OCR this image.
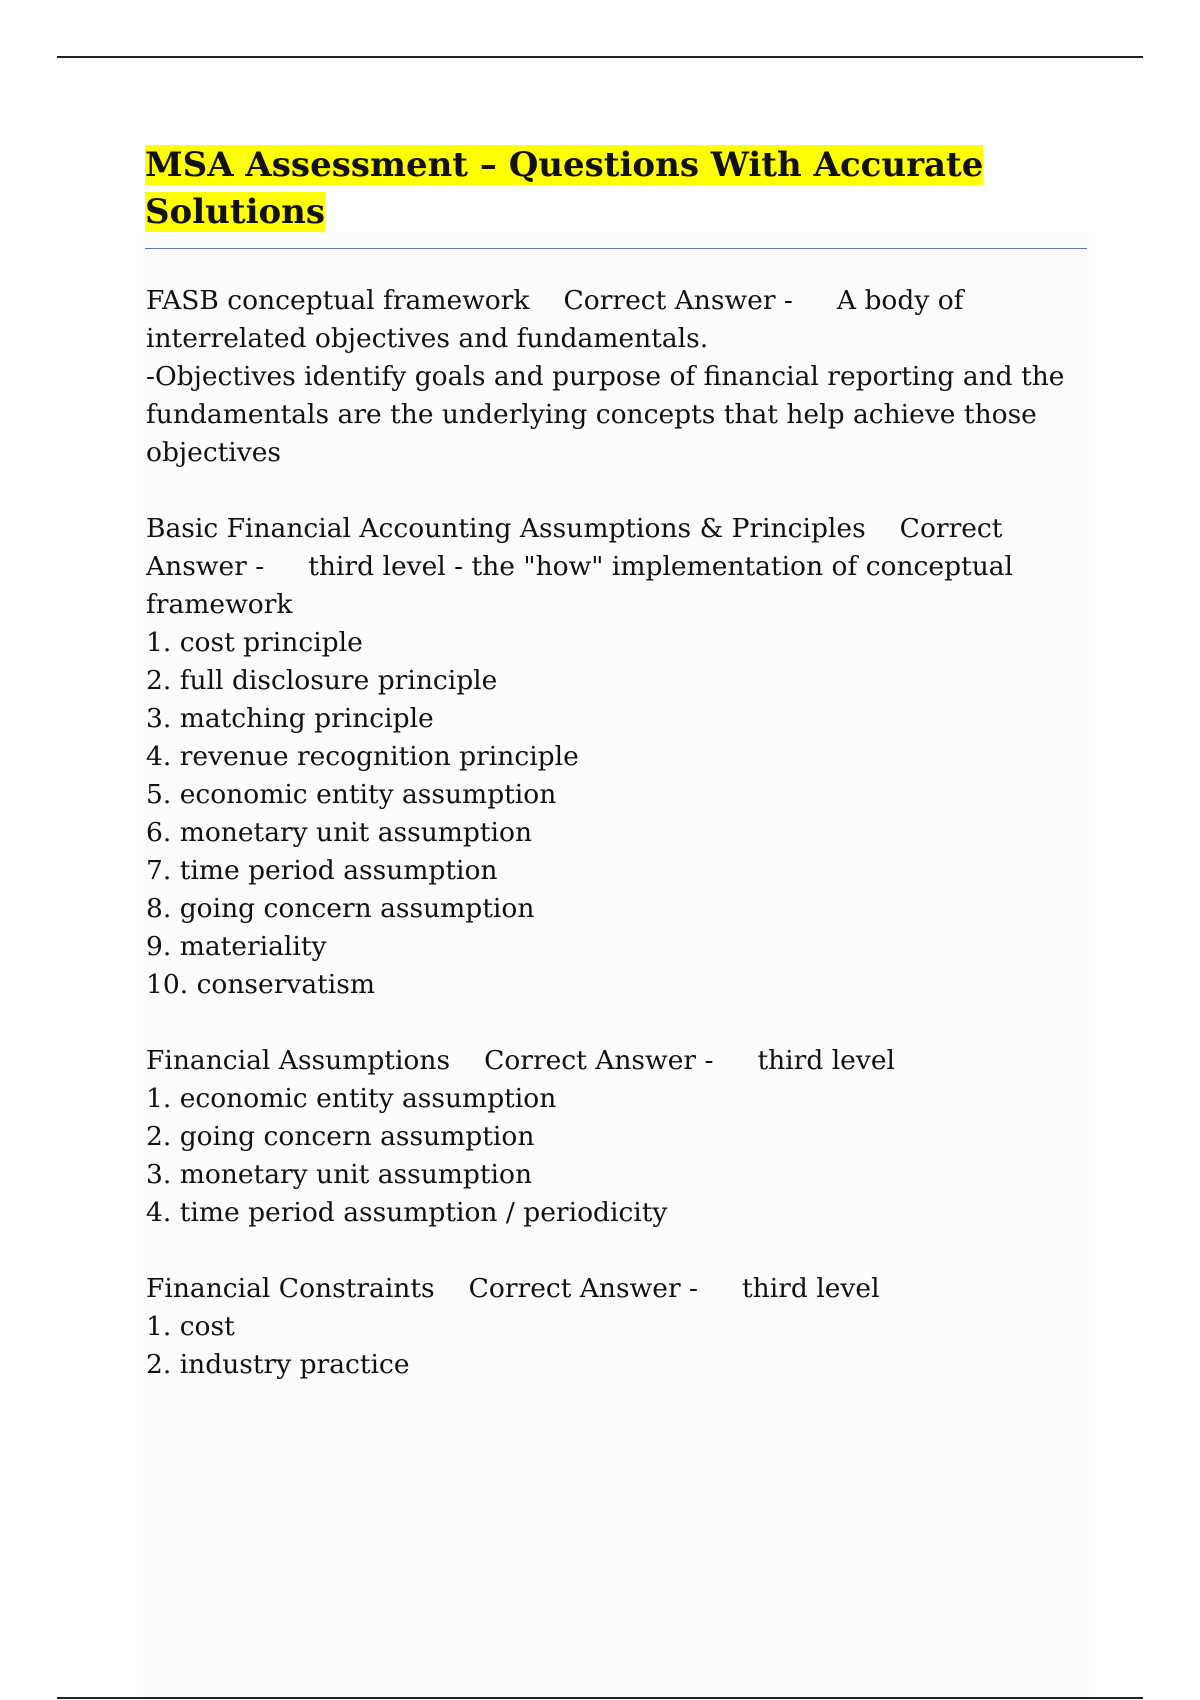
MSA Assessment – Questions With Accurate Solutions

FASB conceptual framework Correct Answer - A body of interrelated objectives and fundamentals.

-Objectives identify goals and purpose of financial reporting and the fundamentals are the underlying concepts that help achieve those objectives

Basic Financial Accounting Assumptions & Principles Correct Answer - third level - the "how" implementation of conceptual framework

1. cost principle
2. full disclosure principle
3. matching principle
4. revenue recognition principle
5. economic entity assumption
6. monetary unit assumption
7. time period assumption
8. going concern assumption
9. materiality
10. conservatism

Financial Assumptions Correct Answer - third level

1. economic entity assumption
2. going concern assumption
3. monetary unit assumption
4. time period assumption / periodicity

Financial Constraints Correct Answer - third level

1. cost
2. industry practice
